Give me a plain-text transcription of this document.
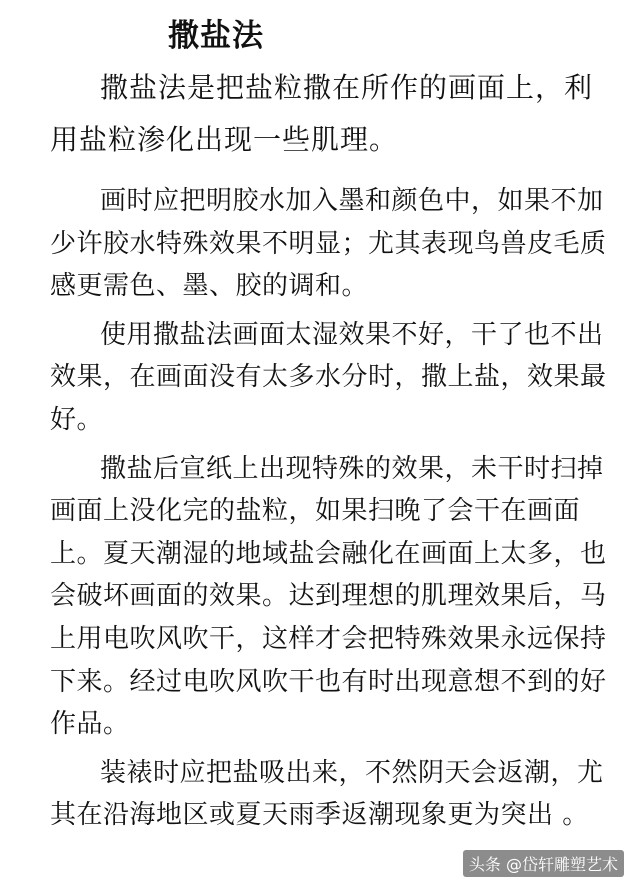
撒盐法
撒盐法是把盐粒撒在所作的画面上，利用盐粒渗化出现一些肌理。

画时应把明胶水加入墨和颜色中，如果不加少许胶水特殊效果不明显；尤其表现鸟兽皮毛质感更需色、墨、胶的调和。

使用撒盐法画面太湿效果不好，干了也不出效果，在画面没有太多水分时，撒上盐，效果最好。

撒盐后宣纸上出现特殊的效果，未干时扫掉画面上没化完的盐粒，如果扫晚了会干在画面上。夏天潮湿的地域盐会融化在画面上太多，也会破坏画面的效果。达到理想的肌理效果后，马上用电吹风吹干，这样才会把特殊效果永远保持下来。经过电吹风吹干也有时出现意想不到的好作品。

装裱时应把盐吸出来，不然阴天会返潮，尤其在沿海地区或夏天雨季返潮现象更为突出 。

头条 @岱轩雕塑艺术
